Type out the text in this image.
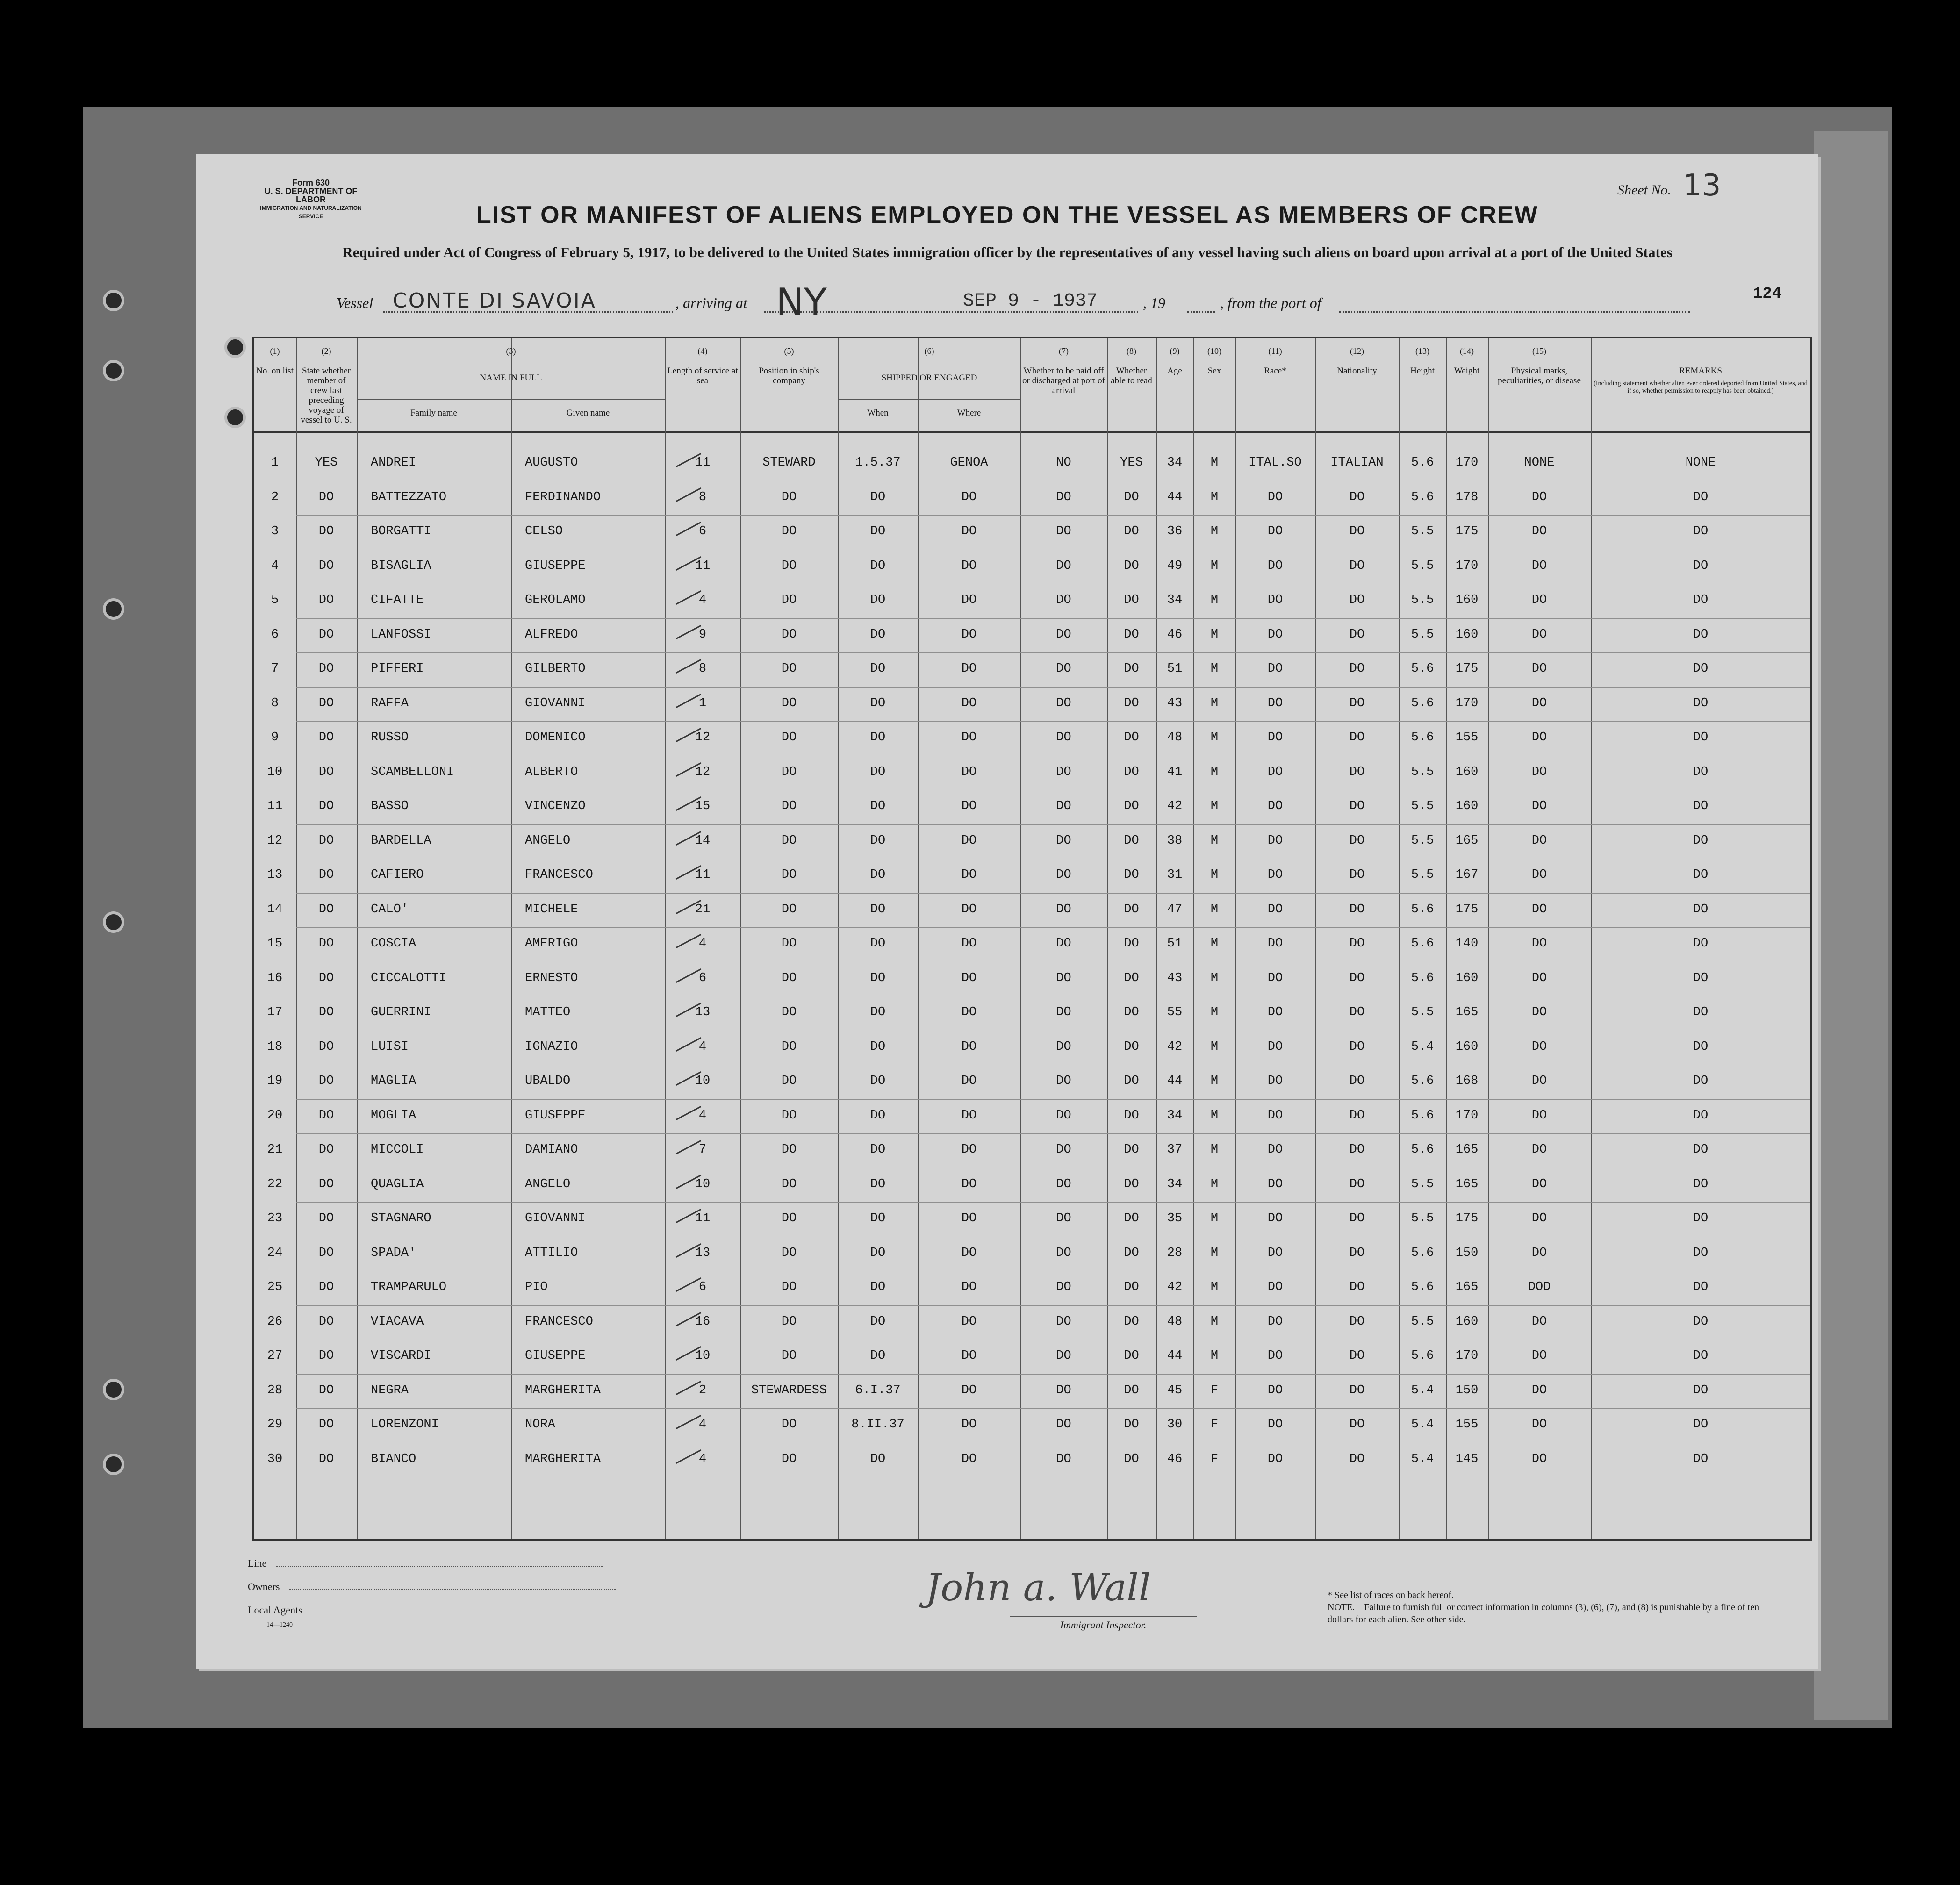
Form 630
U. S. DEPARTMENT OF LABOR
IMMIGRATION AND NATURALIZATION SERVICE
Sheet No. 13
LIST OR MANIFEST OF ALIENS EMPLOYED ON THE VESSEL AS MEMBERS OF CREW
Required under Act of Congress of February 5, 1917, to be delivered to the United States immigration officer by the representatives of any vessel having such aliens on board upon arrival at a port of the United States
124
Vessel CONTE DI SAVOIA	, arriving at NY	SEP 9 - 1937	, 19	, from the port of
(1)
No. on list
(2)
State whether member of crew last preceding voyage of vessel to U. S.
(3)
NAME IN FULL
Family name	Given name
(4)
Length of service at sea
(5)
Position in ship's company
(6)
SHIPPED OR ENGAGED
When	Where
(7)
Whether to be paid off or discharged at port of arrival
(8)
Whether able to read
(9)
Age
(10)
Sex
(11)
Race*
(12)
Nationality
(13)
Height
(14)
Weight
(15)
Physical marks, peculiarities, or disease
REMARKS
(Including statement whether alien ever ordered deported from United States, and if so, whether permission to reapply has been obtained.)
1	YES	ANDREI	AUGUSTO	11	STEWARD	1.5.37	GENOA	NO	YES	34	M	ITAL.SO	ITALIAN	5.6	170	NONE	NONE
2	DO	BATTEZZATO	FERDINANDO	8	DO	DO	DO	DO	DO	44	M	DO	DO	5.6	178	DO	DO
3	DO	BORGATTI	CELSO	6	DO	DO	DO	DO	DO	36	M	DO	DO	5.5	175	DO	DO
4	DO	BISAGLIA	GIUSEPPE	11	DO	DO	DO	DO	DO	49	M	DO	DO	5.5	170	DO	DO
5	DO	CIFATTE	GEROLAMO	4	DO	DO	DO	DO	DO	34	M	DO	DO	5.5	160	DO	DO
6	DO	LANFOSSI	ALFREDO	9	DO	DO	DO	DO	DO	46	M	DO	DO	5.5	160	DO	DO
7	DO	PIFFERI	GILBERTO	8	DO	DO	DO	DO	DO	51	M	DO	DO	5.6	175	DO	DO
8	DO	RAFFA	GIOVANNI	1	DO	DO	DO	DO	DO	43	M	DO	DO	5.6	170	DO	DO
9	DO	RUSSO	DOMENICO	12	DO	DO	DO	DO	DO	48	M	DO	DO	5.6	155	DO	DO
10	DO	SCAMBELLONI	ALBERTO	12	DO	DO	DO	DO	DO	41	M	DO	DO	5.5	160	DO	DO
11	DO	BASSO	VINCENZO	15	DO	DO	DO	DO	DO	42	M	DO	DO	5.5	160	DO	DO
12	DO	BARDELLA	ANGELO	14	DO	DO	DO	DO	DO	38	M	DO	DO	5.5	165	DO	DO
13	DO	CAFIERO	FRANCESCO	11	DO	DO	DO	DO	DO	31	M	DO	DO	5.5	167	DO	DO
14	DO	CALO'	MICHELE	21	DO	DO	DO	DO	DO	47	M	DO	DO	5.6	175	DO	DO
15	DO	COSCIA	AMERIGO	4	DO	DO	DO	DO	DO	51	M	DO	DO	5.6	140	DO	DO
16	DO	CICCALOTTI	ERNESTO	6	DO	DO	DO	DO	DO	43	M	DO	DO	5.6	160	DO	DO
17	DO	GUERRINI	MATTEO	13	DO	DO	DO	DO	DO	55	M	DO	DO	5.5	165	DO	DO
18	DO	LUISI	IGNAZIO	4	DO	DO	DO	DO	DO	42	M	DO	DO	5.4	160	DO	DO
19	DO	MAGLIA	UBALDO	10	DO	DO	DO	DO	DO	44	M	DO	DO	5.6	168	DO	DO
20	DO	MOGLIA	GIUSEPPE	4	DO	DO	DO	DO	DO	34	M	DO	DO	5.6	170	DO	DO
21	DO	MICCOLI	DAMIANO	7	DO	DO	DO	DO	DO	37	M	DO	DO	5.6	165	DO	DO
22	DO	QUAGLIA	ANGELO	10	DO	DO	DO	DO	DO	34	M	DO	DO	5.5	165	DO	DO
23	DO	STAGNARO	GIOVANNI	11	DO	DO	DO	DO	DO	35	M	DO	DO	5.5	175	DO	DO
24	DO	SPADA'	ATTILIO	13	DO	DO	DO	DO	DO	28	M	DO	DO	5.6	150	DO	DO
25	DO	TRAMPARULO	PIO	6	DO	DO	DO	DO	DO	42	M	DO	DO	5.6	165	DOD	DO
26	DO	VIACAVA	FRANCESCO	16	DO	DO	DO	DO	DO	48	M	DO	DO	5.5	160	DO	DO
27	DO	VISCARDI	GIUSEPPE	10	DO	DO	DO	DO	DO	44	M	DO	DO	5.6	170	DO	DO
28	DO	NEGRA	MARGHERITA	2	STEWARDESS	6.I.37	DO	DO	DO	45	F	DO	DO	5.4	150	DO	DO
29	DO	LORENZONI	NORA	4	DO	8.II.37	DO	DO	DO	30	F	DO	DO	5.4	155	DO	DO
30	DO	BIANCO	MARGHERITA	4	DO	DO	DO	DO	DO	46	F	DO	DO	5.4	145	DO	DO
Line
Owners
Local Agents
14—1240
John a. Wall
Immigrant Inspector.
* See list of races on back hereof.
NOTE.—Failure to furnish full or correct information in columns (3), (6), (7), and (8) is punishable by a fine of ten dollars for each alien. See other side.
